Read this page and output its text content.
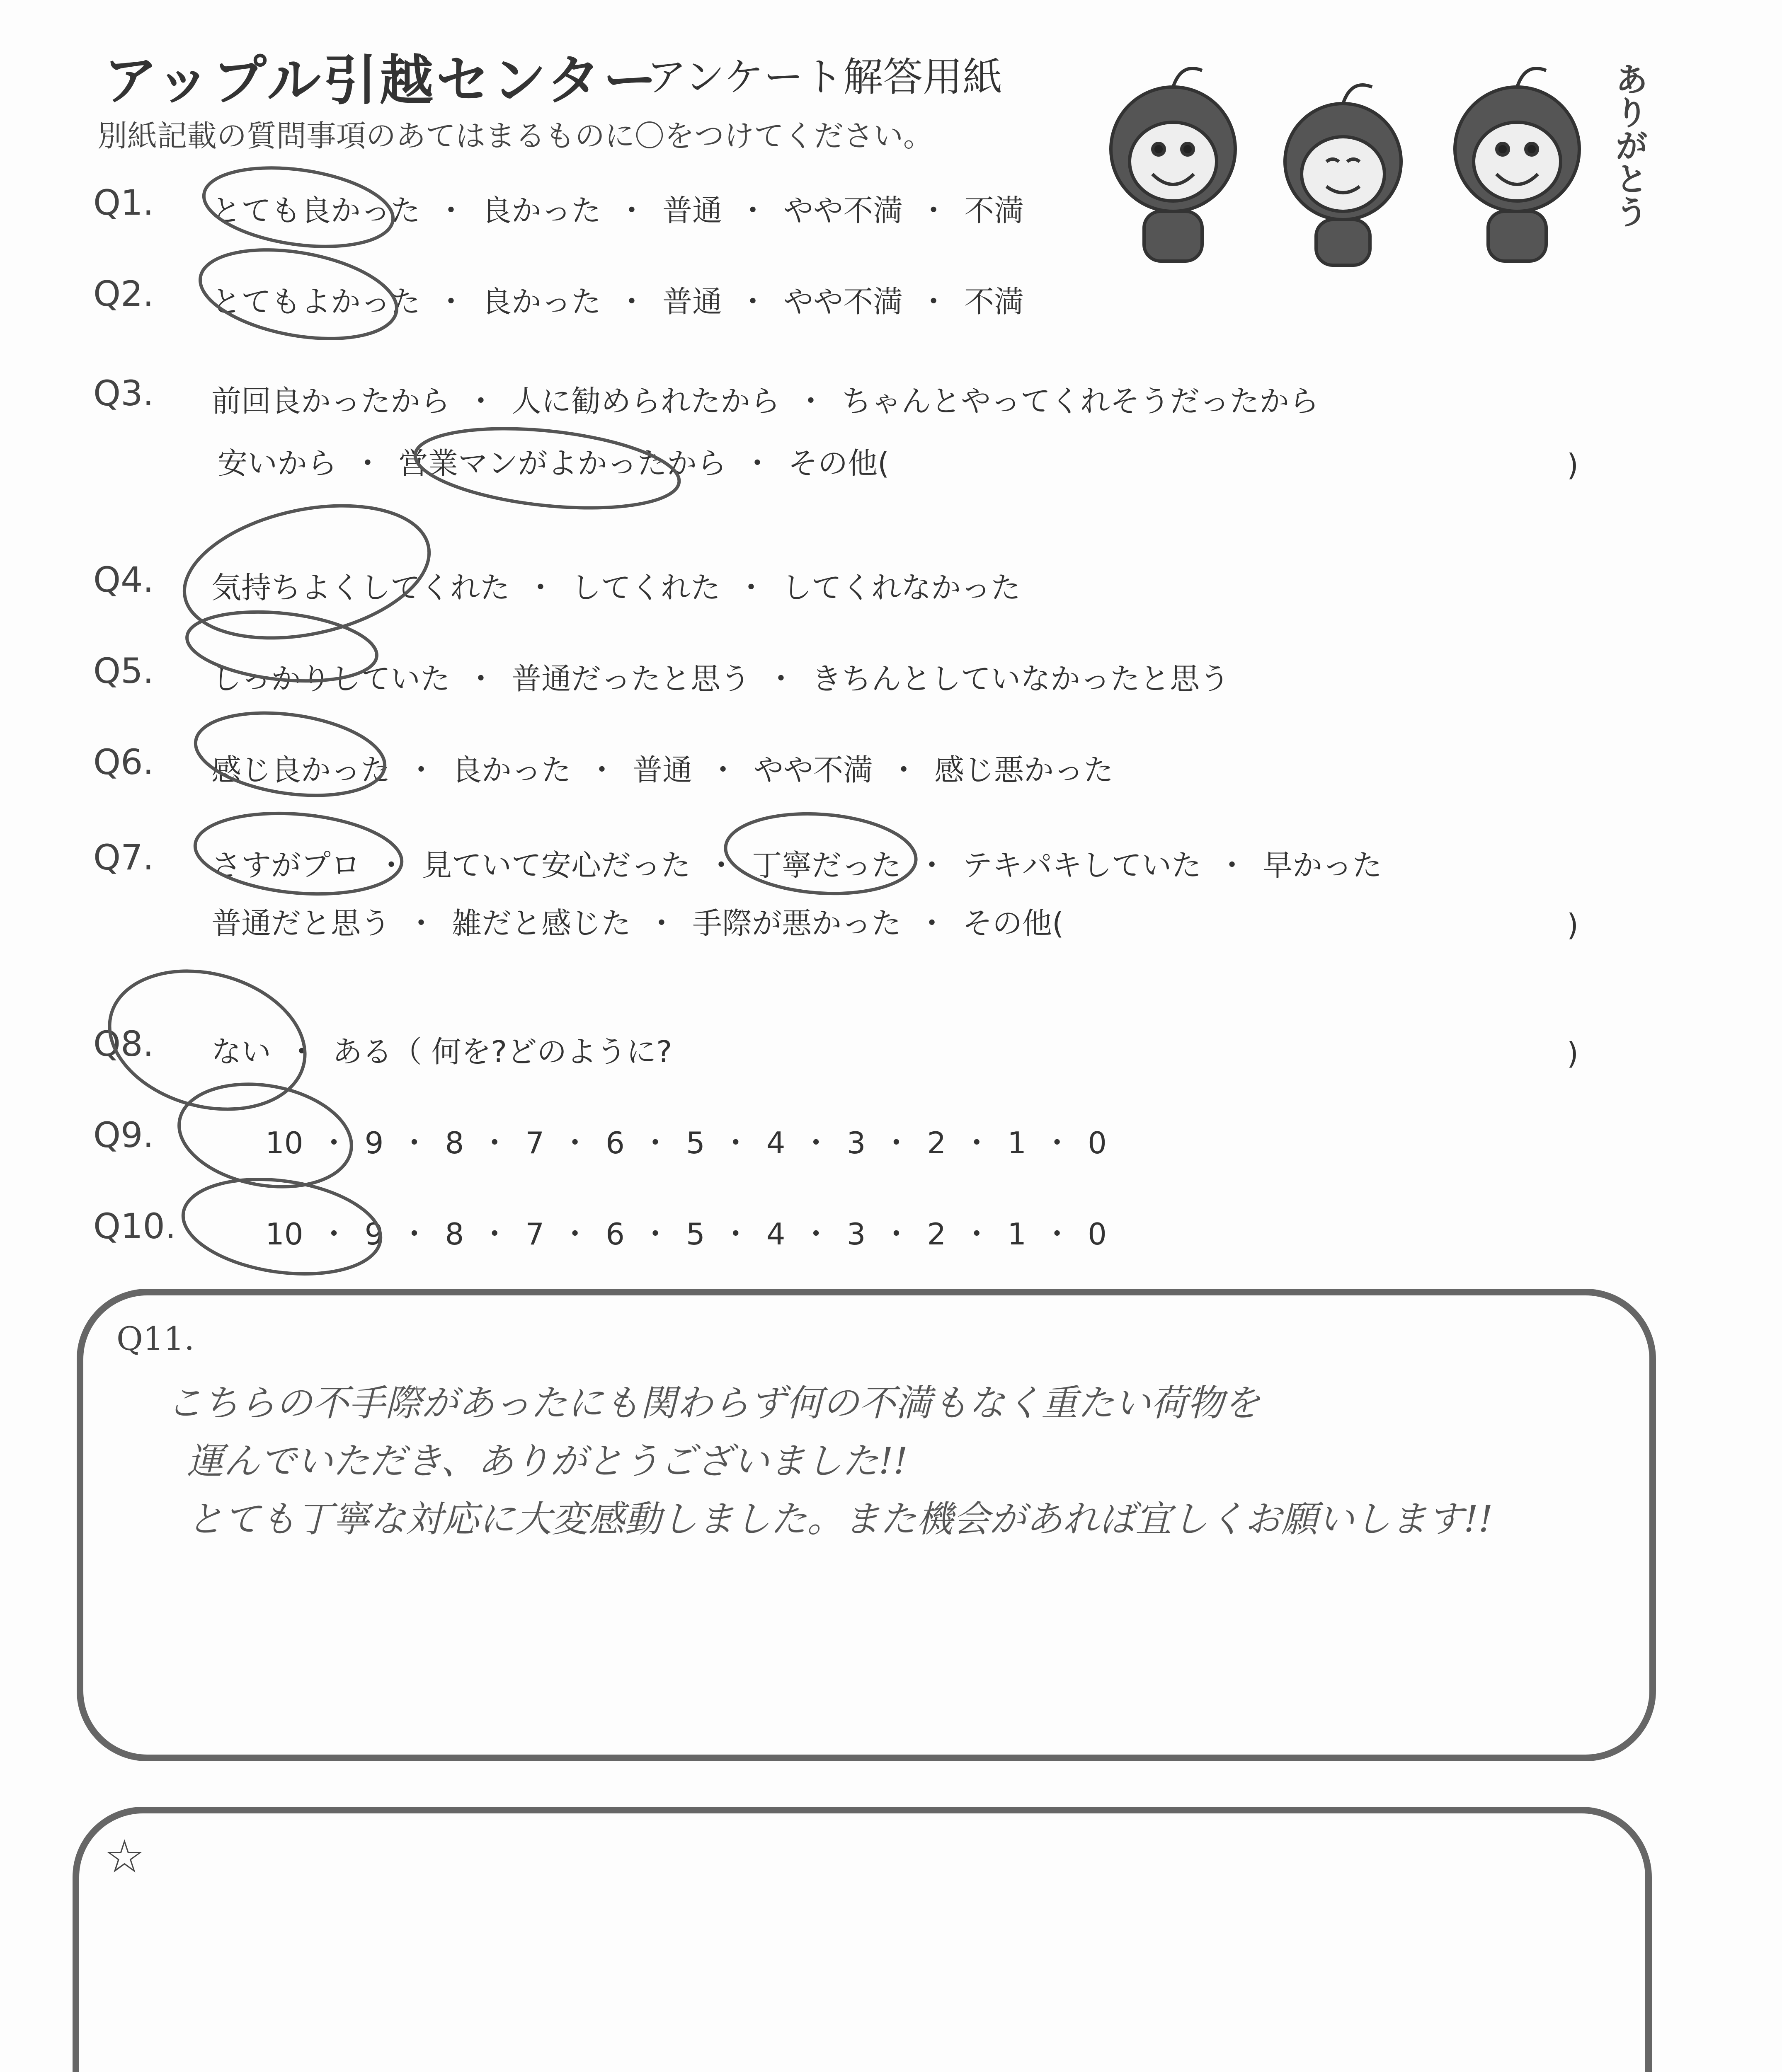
アップル引越センター
アンケート解答用紙
別紙記載の質問事項のあてはまるものに〇をつけてください。	ありがとう
Q1. とても良かった ・ 良かった ・ 普通 ・ やや不満 ・ 不満
Q2. とてもよかった ・ 良かった ・ 普通 ・ やや不満 ・ 不満
Q3. 前回良かったから ・ 人に勧められたから ・ ちゃんとやってくれそうだったから
安いから ・ 営業マンがよかったから ・ その他(	)
Q4. 気持ちよくしてくれた ・ してくれた ・ してくれなかった
Q5. しっかりしていた ・ 普通だったと思う ・ きちんとしていなかったと思う
Q6. 感じ良かった ・ 良かった ・ 普通 ・ やや不満 ・ 感じ悪かった
Q7. さすがプロ ・ 見ていて安心だった ・ 丁寧だった ・ テキパキしていた ・ 早かった
普通だと思う ・ 雑だと感じた ・ 手際が悪かった ・ その他(	)
Q8. ない ・ ある（ 何を?どのように?	)
Q9.	10 ・ 9 ・ 8 ・ 7 ・ 6 ・ 5 ・ 4 ・ 3 ・ 2 ・ 1 ・ 0
Q10.	10 ・ 9 ・ 8 ・ 7 ・ 6 ・ 5 ・ 4 ・ 3 ・ 2 ・ 1 ・ 0
Q11.
こちらの不手際があったにも関わらず何の不満もなく重たい荷物を
運んでいただき、ありがとうございました!!
とても丁寧な対応に大変感動しました。また機会があれば宜しくお願いします!!
☆
